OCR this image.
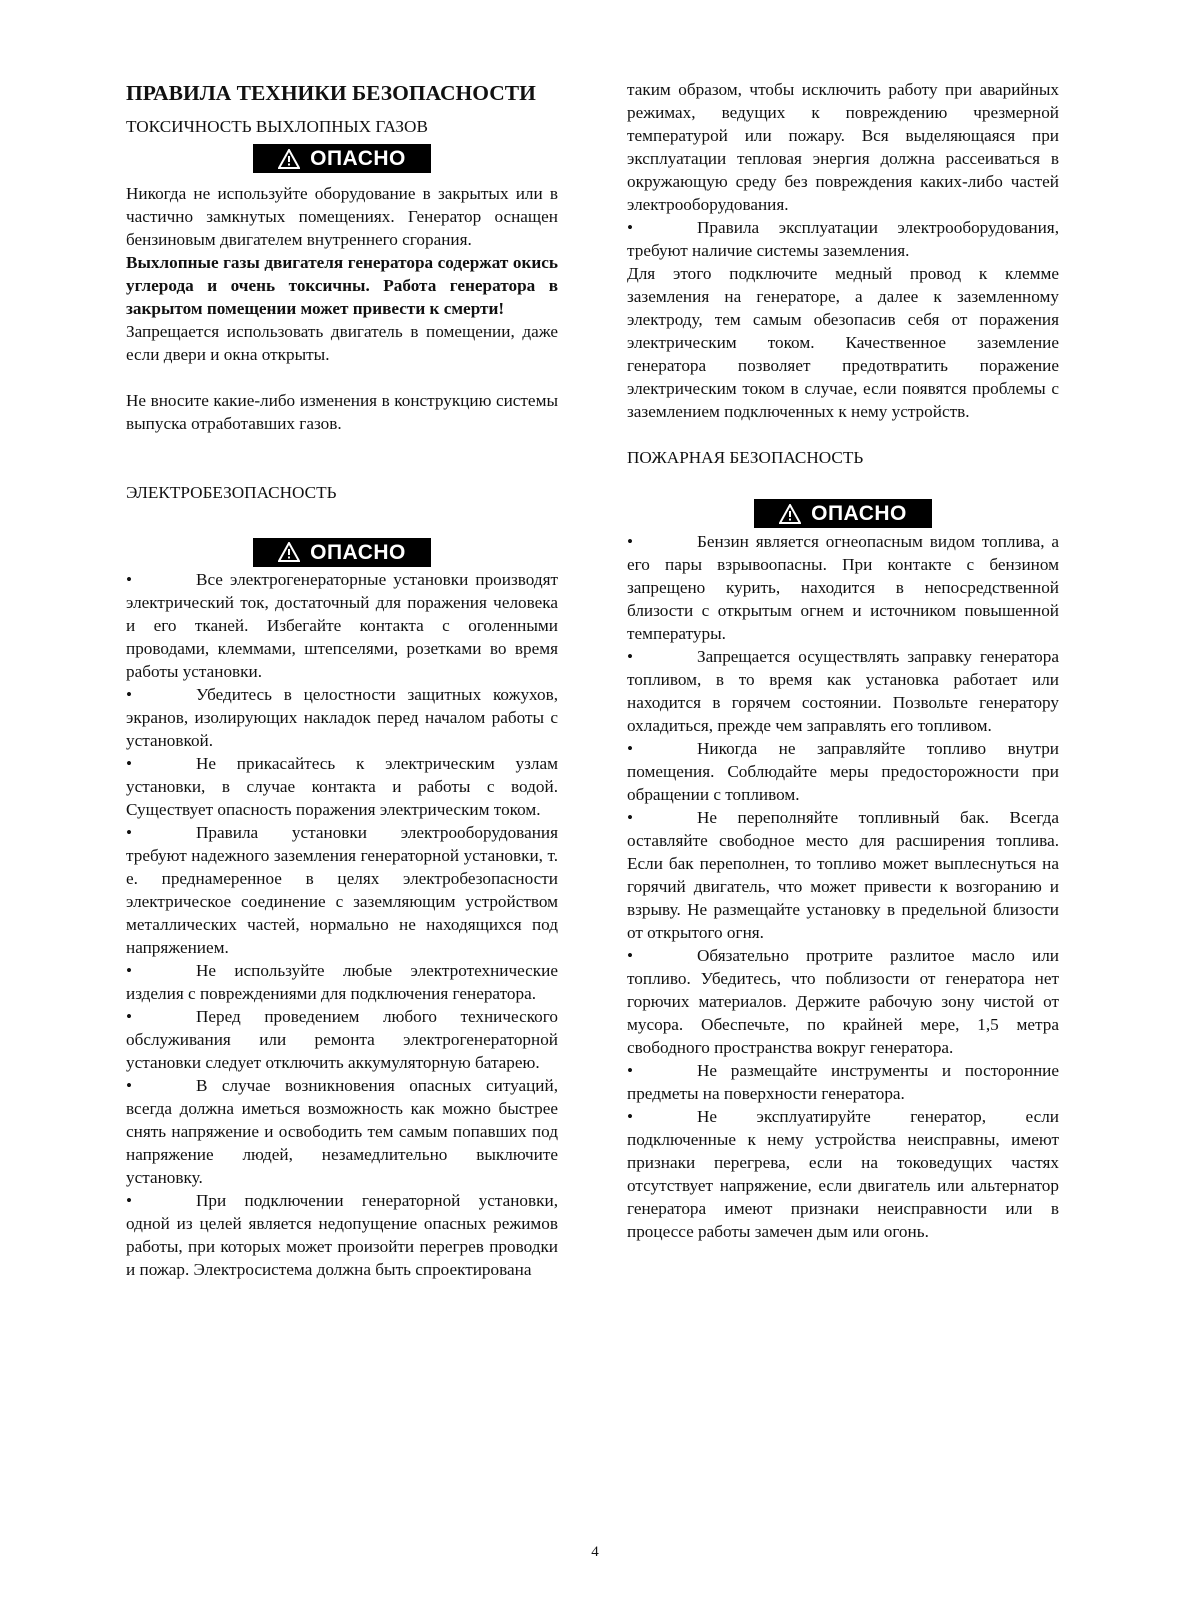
ПРАВИЛА ТЕХНИКИ БЕЗОПАСНОСТИ

ТОКСИЧНОСТЬ ВЫХЛОПНЫХ ГАЗОВ

ОПАСНО

Никогда не используйте оборудование в закрытых или в частично замкнутых помещениях. Генератор оснащен бензиновым двигателем внутреннего сгорания.

Выхлопные газы двигателя генератора содержат окись углерода и очень токсичны. Работа генератора в закрытом помещении может привести к смерти!

Запрещается использовать двигатель в помещении, даже если двери и окна открыты.

Не вносите какие-либо изменения в конструкцию системы выпуска отработавших газов.

ЭЛЕКТРОБЕЗОПАСНОСТЬ

ОПАСНО

•	Все электрогенераторные установки производят электрический ток, достаточный для поражения человека и его тканей. Избегайте контакта с оголенными проводами, клеммами, штепселями, розетками во время работы установки.

•	Убедитесь в целостности защитных кожухов, экранов, изолирующих накладок перед началом работы с установкой.

•	Не прикасайтесь к электрическим узлам установки, в случае контакта и работы с водой. Существует опасность поражения электрическим током.

•	Правила установки электрооборудования требуют надежного заземления генераторной установки, т. е. преднамеренное в целях электробезопасности электрическое соединение с заземляющим устройством металлических частей, нормально не находящихся под напряжением.

•	Не используйте любые электротехнические изделия с повреждениями для подключения генератора.

•	Перед проведением любого технического обслуживания или ремонта электрогенераторной установки следует отключить аккумуляторную батарею.

•	В случае возникновения опасных ситуаций, всегда должна иметься возможность как можно быстрее снять напряжение и освободить тем самым попавших под напряжение людей, незамедлительно выключите установку.

•	При подключении генераторной установки, одной из целей является недопущение опасных режимов работы, при которых может произойти перегрев проводки и пожар. Электросистема должна быть спроектирована

таким образом, чтобы исключить работу при аварийных режимах, ведущих к повреждению чрезмерной температурой или пожару. Вся выделяющаяся при эксплуатации тепловая энергия должна рассеиваться в окружающую среду без повреждения каких-либо частей электрооборудования.

•	Правила эксплуатации электрооборудования, требуют наличие системы заземления.

Для этого подключите медный провод к клемме заземления на генераторе, а далее к заземленному электроду, тем самым обезопасив себя от поражения электрическим током. Качественное заземление генератора позволяет предотвратить поражение электрическим током в случае, если появятся проблемы с заземлением подключенных к нему устройств.

ПОЖАРНАЯ БЕЗОПАСНОСТЬ

ОПАСНО

•	Бензин является огнеопасным видом топлива, а его пары взрывоопасны. При контакте с бензином запрещено курить, находится в непосредственной близости с открытым огнем и источником повышенной температуры.

•	Запрещается осуществлять заправку генератора топливом, в то время как установка работает или находится в горячем состоянии. Позвольте генератору охладиться, прежде чем заправлять его топливом.

•	Никогда не заправляйте топливо внутри помещения. Соблюдайте меры предосторожности при обращении с топливом.

•	Не переполняйте топливный бак. Всегда оставляйте свободное место для расширения топлива. Если бак переполнен, то топливо может выплеснуться на горячий двигатель, что может привести к возгоранию и взрыву. Не размещайте установку в предельной близости от открытого огня.

•	Обязательно протрите разлитое масло или топливо. Убедитесь, что поблизости от генератора нет горючих материалов. Держите рабочую зону чистой от мусора. Обеспечьте, по крайней мере, 1,5 метра свободного пространства вокруг генератора.

•	Не размещайте инструменты и посторонние предметы на поверхности генератора.

•	Не эксплуатируйте генератор, если подключенные к нему устройства неисправны, имеют признаки перегрева, если на токоведущих частях отсутствует напряжение, если двигатель или альтернатор генератора имеют признаки неисправности или в процессе работы замечен дым или огонь.

4
